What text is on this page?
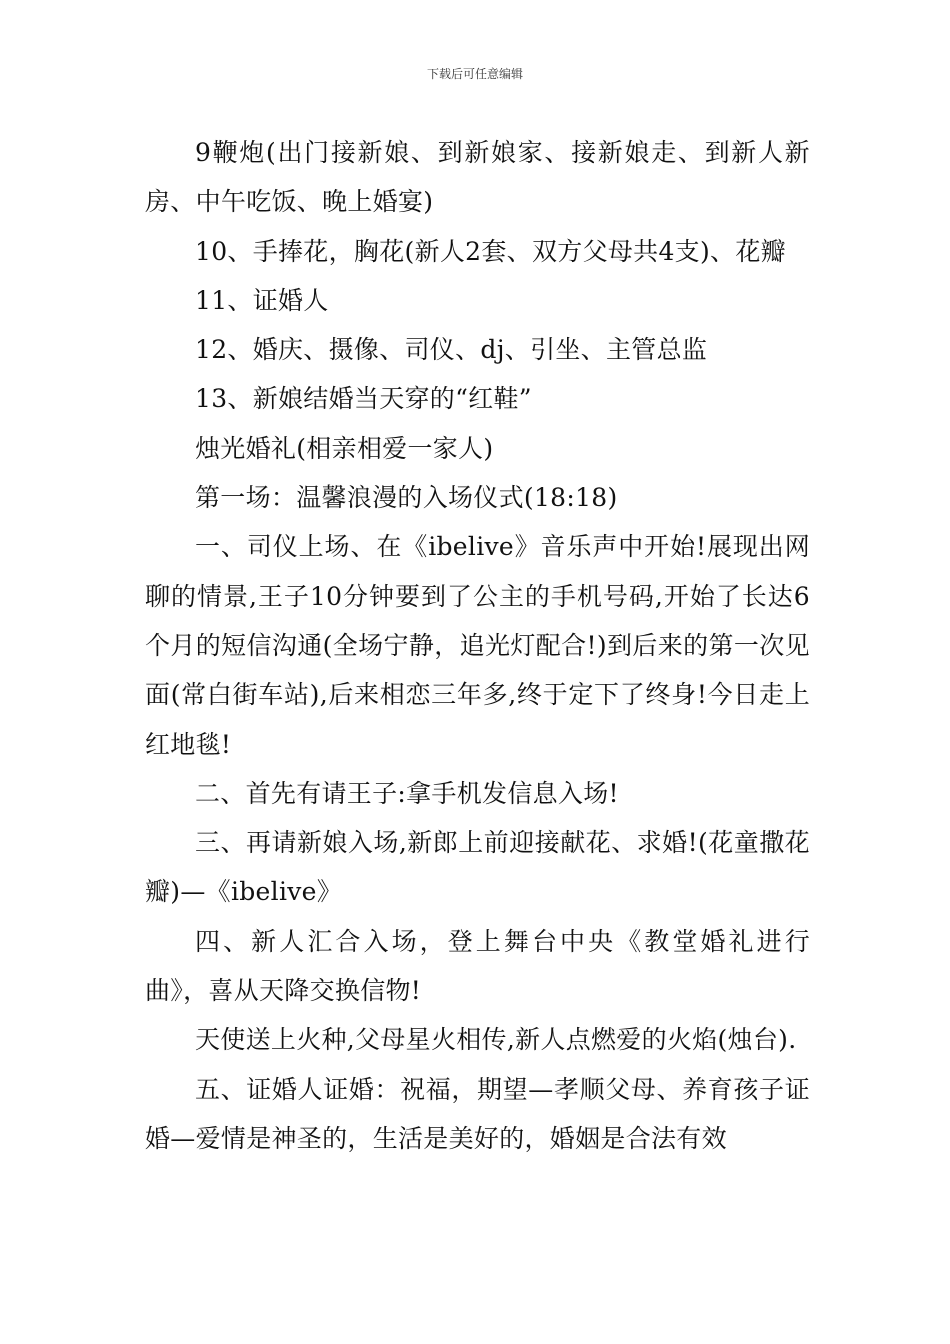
下载后可任意编辑

9鞭炮(出门接新娘、到新娘家、接新娘走、到新人新房、中午吃饭、晚上婚宴)

10、手捧花，胸花(新人2套、双方父母共4支)、花瓣

11、证婚人

12、婚庆、摄像、司仪、dj、引坐、主管总监

13、新娘结婚当天穿的“红鞋”

烛光婚礼(相亲相爱一家人)

第一场：温馨浪漫的入场仪式(18:18)

一、司仪上场、在《ibelive》音乐声中开始!展现出网聊的情景,王子10分钟要到了公主的手机号码,开始了长达6个月的短信沟通(全场宁静，追光灯配合!)到后来的第一次见面(常白街车站),后来相恋三年多,终于定下了终身!今日走上红地毯!

二、首先有请王子:拿手机发信息入场!

三、再请新娘入场,新郎上前迎接献花、求婚!(花童撒花瓣)—《ibelive》

四、新人汇合入场，登上舞台中央《教堂婚礼进行曲》，喜从天降交换信物!

天使送上火种,父母星火相传,新人点燃爱的火焰(烛台).

五、证婚人证婚：祝福，期望—孝顺父母、养育孩子证婚—爱情是神圣的，生活是美好的，婚姻是合法有效
